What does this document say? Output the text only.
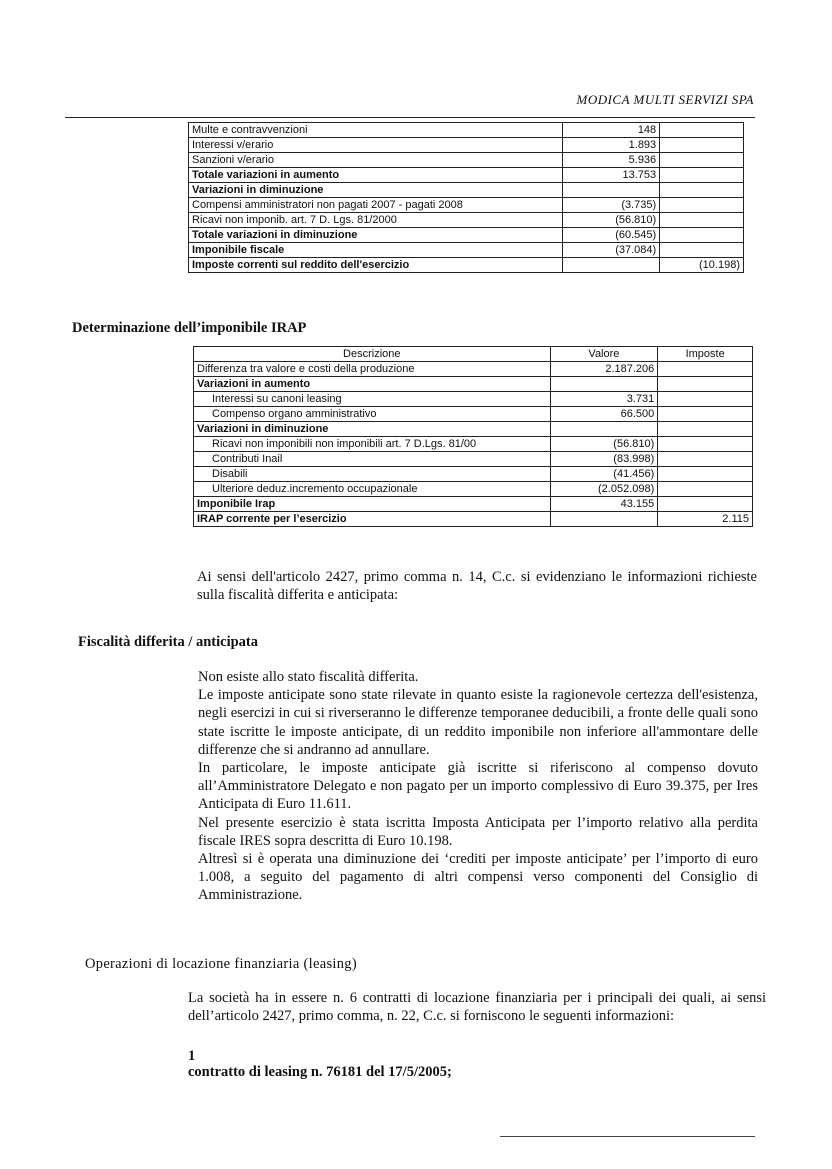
MODICA MULTI SERVIZI SPA
Multe e contravvenzioni	148	
Interessi v/erario	1.893	
Sanzioni v/erario	5.936	
Totale variazioni in aumento	13.753	
Variazioni in diminuzione		
Compensi amministratori non pagati 2007 - pagati 2008	(3.735)	
Ricavi non imponib. art. 7 D. Lgs. 81/2000	(56.810)	
Totale variazioni in diminuzione	(60.545)	
Imponibile fiscale	(37.084)	
Imposte correnti sul reddito dell'esercizio		(10.198)
Determinazione dell’imponibile IRAP
Descrizione	Valore	Imposte
Differenza tra valore e costi della produzione	2.187.206	
Variazioni in aumento		
Interessi su canoni leasing	3.731	
Compenso organo amministrativo	66.500	
Variazioni in diminuzione		
Ricavi non imponibili non imponibili art. 7 D.Lgs. 81/00	(56.810)	
Contributi Inail	(83.998)	
Disabili	(41.456)	
Ulteriore deduz.incremento occupazionale	(2.052.098)	
Imponibile Irap	43.155	
IRAP corrente per l’esercizio		2.115
Ai sensi dell'articolo 2427, primo comma n. 14, C.c. si evidenziano le informazioni richieste sulla fiscalità differita e anticipata:
Fiscalità differita / anticipata

Non esiste allo stato fiscalità differita.

Le imposte anticipate sono state rilevate in quanto esiste la ragionevole certezza dell'esistenza, negli esercizi in cui si riverseranno le differenze temporanee deducibili, a fronte delle quali sono state iscritte le imposte anticipate, di un reddito imponibile non inferiore all'ammontare delle differenze che si andranno ad annullare.

In particolare, le imposte anticipate già iscritte si riferiscono al compenso dovuto all’Amministratore Delegato e non pagato per un importo complessivo di Euro 39.375, per Ires Anticipata di Euro 11.611.

Nel presente esercizio è stata iscritta Imposta Anticipata per l’importo relativo alla perdita fiscale IRES sopra descritta di Euro 10.198.

Altresì si è operata una diminuzione dei ‘crediti per imposte anticipate’ per l’importo di euro 1.008, a seguito del pagamento di altri compensi verso componenti del Consiglio di Amministrazione.

Operazioni di locazione finanziaria (leasing)
La società ha in essere n. 6 contratti di locazione finanziaria per i principali dei quali, ai sensi dell’articolo 2427, primo comma, n. 22, C.c. si forniscono le seguenti informazioni:
1
contratto di leasing n. 76181 del 17/5/2005;
